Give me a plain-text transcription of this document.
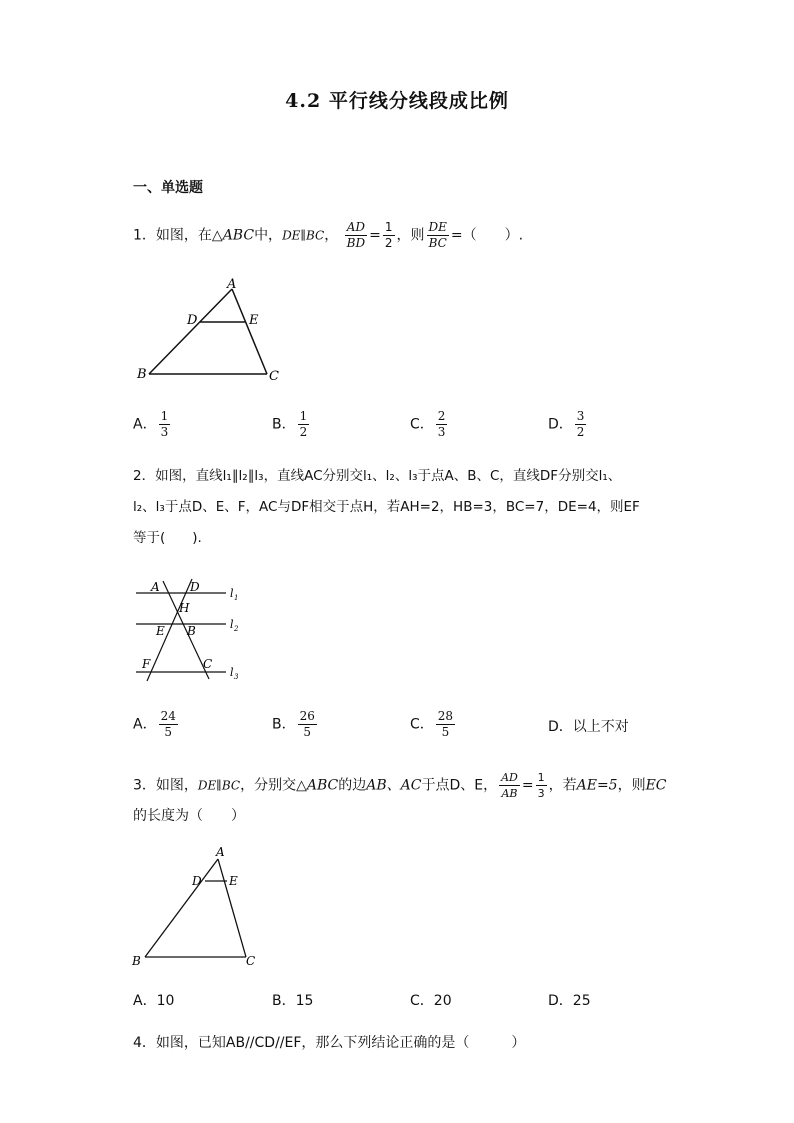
4.2 平行线分线段成比例
一、单选题
1．如图，在△ABC中，DE∥BC， $\frac{AD}{BD} = \frac{1}{2}$ ，则 $\frac{DE}{BC}$ =（　　）.
A
D	E
B	C
A． $\frac{1}{3}$	B． $\frac{1}{2}$	C． $\frac{2}{3}$	D． $\frac{3}{2}$
2．如图，直线l₁∥l₂∥l₃，直线AC分别交l₁、l₂、l₃于点A、B、C，直线DF分别交l₁、
l₂、l₃于点D、E、F，AC与DF相交于点H，若AH=2，HB=3，BC=7，DE=4，则EF
等于(　　).
A	D
H
E B
F	C
l 1
l 2
l 3
A． $\frac{24}{5}$	B． $\frac{26}{5}$	C． $\frac{28}{5}$	D．以上不对
3．如图，DE∥BC，分别交△ABC的边AB、AC于点D、E， $\frac{AD}{AB} = \frac{1}{3}$ ，若AE=5，则EC
的长度为（　　）
A
D E
B	C
A．10	B．15	C．20	D．25
4．如图，已知AB//CD//EF，那么下列结论正确的是（　　　）
